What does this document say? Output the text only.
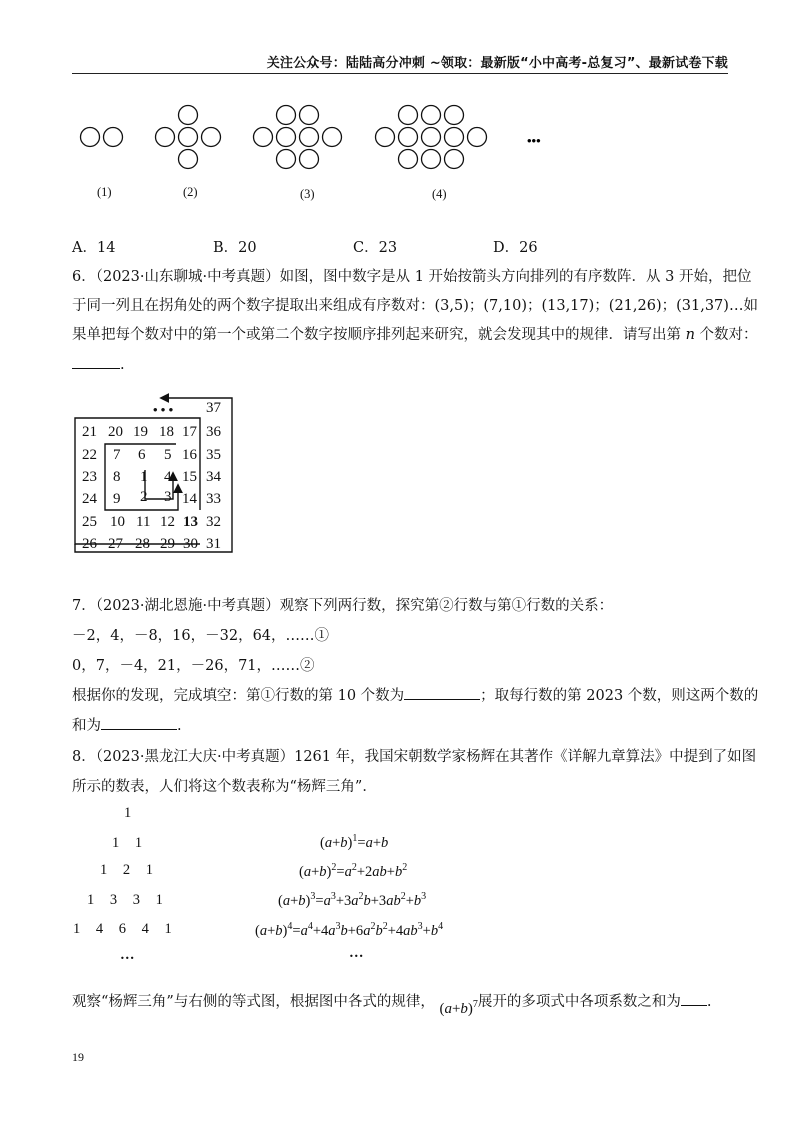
关注公众号：陆陆高分冲刺 ~领取：最新版“小中高考-总复习”、最新试卷下载
•••
(1)	(2)	(3)	(4)
A．14	B．20	C．23	D．26
6．（2023·山东聊城·中考真题）如图，图中数字是从 1 开始按箭头方向排列的有序数阵．从 3 开始，把位
于同一列且在拐角处的两个数字提取出来组成有序数对：(3,5)；(7,10)；(13,17)；(21,26)；(31,37)…如
果单把每个数对中的第一个或第二个数字按顺序排列起来研究，就会发现其中的规律．请写出第 n 个数对：
.
• • • 37
21 20 19 18 17 36
22 7 6 5 16 35
23 8 1 4 15 34
24 9 2 3 14 33
25 10 11 12 13 32
26 27 28 29 30 31
7．（2023·湖北恩施·中考真题）观察下列两行数，探究第②行数与第①行数的关系：
－2，4，－8，16，－32，64，……①
0，7，－4，21，－26，71，……②
根据你的发现，完成填空：第①行数的第 10 个数为	；取每行数的第 2023 个数，则这两个数的
和为	.
8．（2023·黑龙江大庆·中考真题）1261 年，我国宋朝数学家杨辉在其著作《详解九章算法》中提到了如图
所示的数表，人们将这个数表称为“杨辉三角”．
1
1 1
1 2 1
1 3 3 1
1 4 6 4 1
…
$(a+b)^1=a+b$
$(a+b)^2=a^2+2ab+b^2$
$(a+b)^3=a^3+3a^2b+3ab^2+b^3$
$(a+b)^4=a^4+4a^3b+6a^2b^2+4ab^3+b^4$
…
观察“杨辉三角”与右侧的等式图，根据图中各式的规律， $(a+b)^7$展开的多项式中各项系数之和为 .
19
